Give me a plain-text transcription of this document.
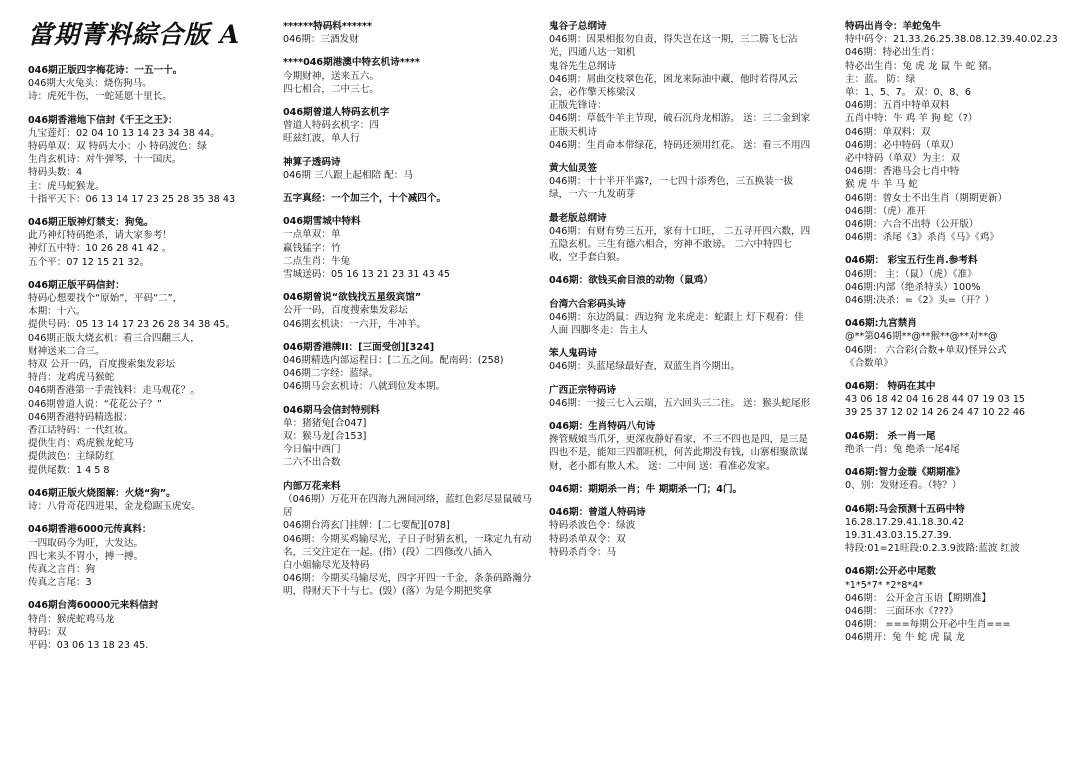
當期菁料綜合版 A
046期正版四字梅花诗：一五一十。
046期大火兔头：烧伤狗马。
诗：虎死牛伤，一蛇延愿十里长。
046期香港地下信封《千王之王》：
九宝莲灯：02 04 10 13 14 23 34 38 44。
特码单双：双 特码大小：小 特码波色：绿
生肖玄机诗：对牛弹琴，十一国庆。
特码头数：4
主：虎马蛇猴龙。
十指平天下：06 13 14 17 23 25 28 35 38 43
046期正版神灯禁支：狗兔。
此乃神灯特码绝杀，请大家参考！
神灯五中特：10 26 28 41 42 。
五个平：07 12 15 21 32。
046期正版平码信封：
特码心想要找个“原始”，平码“二”，
本期：十六。
提供号码：05 13 14 17 23 26 28 34 38 45。
046期正版大烧玄机：看三合四翻三人，
财神送来二合三。
特双 公开一码，百度搜索集发彩坛
特肖：龙鸡虎马猴蛇
046期香港第一手震钱料：走马观花？。
046期曾道人说：“花花公子？”
046期香港特码精选报：
香江话特码：一代红妆。
提供生肖：鸡虎猴龙蛇马
提供波色：主绿防红
提供尾数：1 4 5 8
046期正版火烧图解：火烧“狗”。
诗：八骨奇花四进果，金龙稳踞玉虎安。
046期香港6000元传真料：
一四取码今为旺，大发达。
四七来头不胃小，搏一搏。
传真之言肖：狗
传真之言尾：3
046期台湾60000元来料信封
特肖：猴虎蛇鸡马龙
特码：双
平码：03 06 13 18 23 45.
******特码料******
046期：三酒发财
****046期港澳中特玄机诗****
今期财神，送来五六。
四七相合，二中三七。
046期曾道人特码玄机字
曾道人特码玄机字：四
旺兹红波，单人行
神算子透码诗
046期 三八跟上起相陪 配：马
五字真经：一个加三个，十个减四个。
046期雪城中特料
一点单双：单
赢钱猛字：竹
二点生肖：牛兔
雪城送码：05 16 13 21 23 31 43 45
046期曾说“欲钱找五星级宾馆”
公开一码，百度搜索集发彩坛
046期玄机诀：一六开，牛冲羊。
046期香港牌II：[三面受创][324]
046期精选内部运程日：[二五之间。配南码：(258)
046期二字经：蓝绿。
046期马会玄机诗：八就到位发本期。
046期马会信封特别料
单：猪猪兔[合047]
双：猴马龙[合153]
今日偏中西门
二六不出合数
内部万花来料
（046期）万花开在四海九洲间河络，蓝红色彩尽显鼠破马居
046期台湾玄门挂牌：[二七要配][078]
046期：今期买鸡输尽光，子日子时猜玄机，一珠定九有动名，三交注定在一起。(指）(段）二四修改八插入
白小姐输尽光及特码
046期：今期买马输尽光，四字开四一千金，条条码路瀚分明，得财天下十与七。(毁）(落）为是今期把奖拿
鬼谷子总纲诗
046期：因果相报勿自责，得失岂在这一期，三二腾飞七沾光，四通八达一知机
鬼谷先生总纲诗
046期：屑曲交枝翠色花，困龙来际油中藏，他时若得风云会，必作擎天栋梁汉
正版先锋诗：
046期：草低牛羊主节现，破石沉舟龙相游。 送：三二金到家
正版天机诗
046期：生肖命本带绿花，特码还须用红花。 送：看三不用四
黄大仙灵签
046期：十十半开半露?，一七四十添秀色，三五换装一拔绿，一六一九发萌芽
最老版总纲诗
046期：有财有势三五开，家有十口旺， 二五寻开四六数，四五隐玄机。三生有德六相合，穷神不敢谤。 二六中特四七收，空手套白狼。
046期：欲钱买俞目浪的动物（鼠鸡）
台湾六合彩码头诗
046期：东边鸽鼠：西边狗 龙来虎走：蛇跟上 灯下观看：佳人面 四脚冬走：告主人
笨人鬼码诗
046期：头蓝尾绿最好查，双蓝生肖今期出。
广西正宗特码诗
046期：一接三七入云端，五六回头三二往。 送：猴头蛇尾形
046期：生肖特码八句诗
搀管贼娘当爪牙，更深夜静好看家，不三不四也是四，是三是四也不是，能知三四都旺机，何苦此期没有钱，山寨相聚欲谋财，老小都有欺人术。 送：二中间 送：看准必发家。
046期：期期杀一肖；牛 期期杀一门；4门。
046期：曾道人特码诗
特码杀波色令：绿波
特码杀单双令：双
特码杀肖令：马
特码出肖令：羊蛇兔牛
特中码令：21.33.26.25.38.08.12.39.40.02.23
046期：特必出生肖：
特必出生肖：兔 虎 龙 鼠 牛 蛇 猪。
主：蓝。 防：绿
单：1、5、7。 双：0、8、6
046期：五肖中特单双料
五肖中特：牛 鸡 羊 狗 蛇（?）
046期：单双料：双
046期：必中特码（单双）
必中特码（单双）为主：双
046期：香港马会七肖中特
猴 虎 牛 羊 马 蛇
046期：曾女士不出生肖（期期更新）
046期：（虎）准开
046期：六合不出特（公开版）
046期：杀尾《3》杀肖《马》《鸡》
046期： 彩宝五行生肖.参考料
046期： 主：（鼠）（虎）《准》
046期:内部（绝杀特头）100%
046期:决杀：=《2》头=（开？）
046期:九宫禁肖
@**第046期**@**猴**@**对**@
046期： 六合彩(合数+单双)怪异公式
《合数单》
046期： 特码在其中
43 06 18 42 04 16 28 44 07 19 03 15
39 25 37 12 02 14 26 24 47 10 22 46
046期： 杀一肖一尾
绝杀一肖：兔 绝杀一尾4尾
046期:智力金璇《期期准》
0、别：发财还看。（特？）
046期:马会预测十五码中特
16.28.17.29.41.18.30.42
19.31.43.03.15.27.39.
特段:01=21旺段:0.2.3.9波路:蓝波 红波
046期:公开必中尾数
*1*5*7* *2*8*4*
046期： 公开金言玉语【期期准】
046期： 三面环水《???》
046期： ===每期公开必中生肖===
046期开：兔 牛 蛇 虎 鼠 龙
